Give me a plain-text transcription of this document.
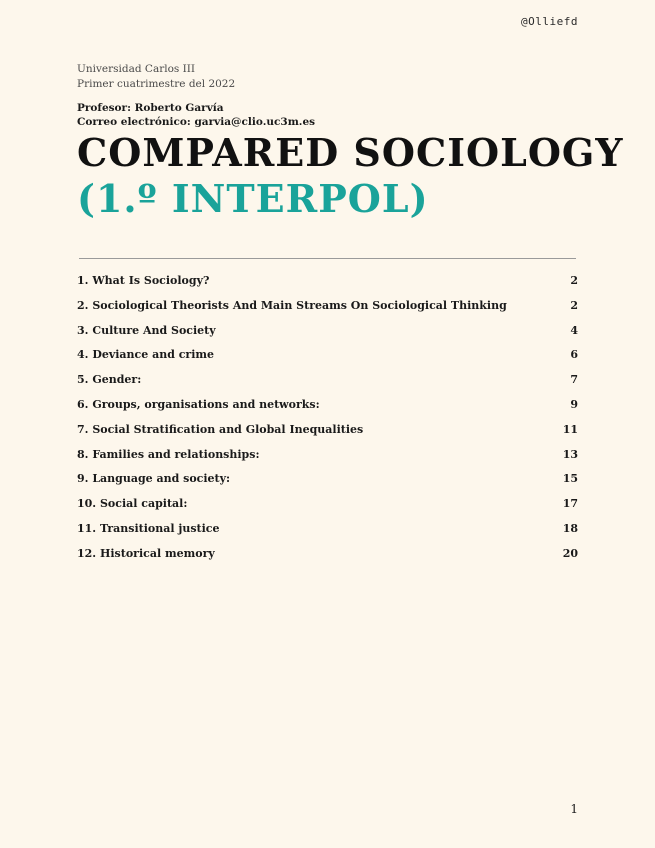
@Olliefd
Universidad Carlos III
Primer cuatrimestre del 2022
Profesor: Roberto Garvía
Correo electrónico: garvia@clio.uc3m.es
COMPARED SOCIOLOGY
(1.º INTERPOL)
1. What Is Sociology?	2
2. Sociological Theorists And Main Streams On Sociological Thinking	2
3. Culture And Society	4
4. Deviance and crime	6
5. Gender:	7
6. Groups, organisations and networks:	9
7. Social Stratification and Global Inequalities	11
8. Families and relationships:	13
9. Language and society:	15
10. Social capital:	17
11. Transitional justice	18
12. Historical memory	20
1
